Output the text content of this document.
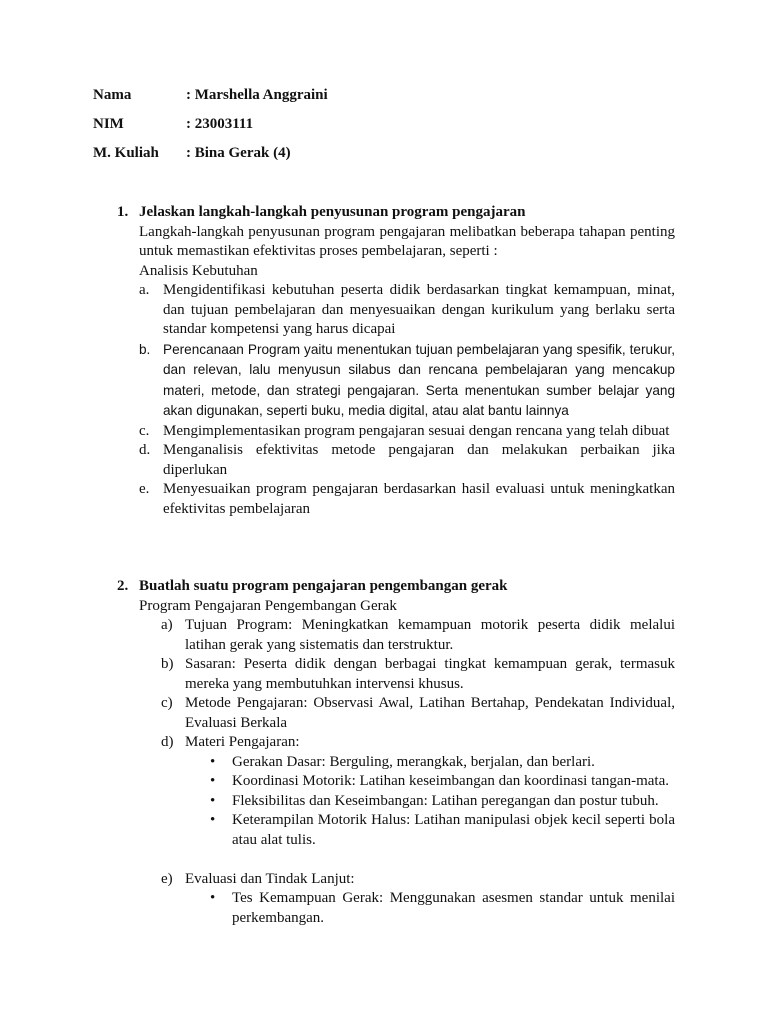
Nama	: Marshella Anggraini
NIM	: 23003111
M. Kuliah : Bina Gerak (4)
1. Jelaskan langkah-langkah penyusunan program pengajaran
Langkah-langkah penyusunan program pengajaran melibatkan beberapa tahapan penting untuk memastikan efektivitas proses pembelajaran, seperti :
Analisis Kebutuhan
a. Mengidentifikasi kebutuhan peserta didik berdasarkan tingkat kemampuan, minat, dan tujuan pembelajaran dan menyesuaikan dengan kurikulum yang berlaku serta standar kompetensi yang harus dicapai
b. Perencanaan Program yaitu menentukan tujuan pembelajaran yang spesifik, terukur, dan relevan, lalu menyusun silabus dan rencana pembelajaran yang mencakup materi, metode, dan strategi pengajaran. Serta menentukan sumber belajar yang akan digunakan, seperti buku, media digital, atau alat bantu lainnya
c. Mengimplementasikan program pengajaran sesuai dengan rencana yang telah dibuat
d. Menganalisis efektivitas metode pengajaran dan melakukan perbaikan jika diperlukan
e. Menyesuaikan program pengajaran berdasarkan hasil evaluasi untuk meningkatkan efektivitas pembelajaran
2. Buatlah suatu program pengajaran pengembangan gerak
Program Pengajaran Pengembangan Gerak
a) Tujuan Program: Meningkatkan kemampuan motorik peserta didik melalui latihan gerak yang sistematis dan terstruktur.
b) Sasaran: Peserta didik dengan berbagai tingkat kemampuan gerak, termasuk mereka yang membutuhkan intervensi khusus.
c) Metode Pengajaran: Observasi Awal, Latihan Bertahap, Pendekatan Individual, Evaluasi Berkala
d) Materi Pengajaran:
• Gerakan Dasar: Berguling, merangkak, berjalan, dan berlari.
• Koordinasi Motorik: Latihan keseimbangan dan koordinasi tangan-mata.
• Fleksibilitas dan Keseimbangan: Latihan peregangan dan postur tubuh.
• Keterampilan Motorik Halus: Latihan manipulasi objek kecil seperti bola atau alat tulis.
e) Evaluasi dan Tindak Lanjut:
• Tes Kemampuan Gerak: Menggunakan asesmen standar untuk menilai perkembangan.
